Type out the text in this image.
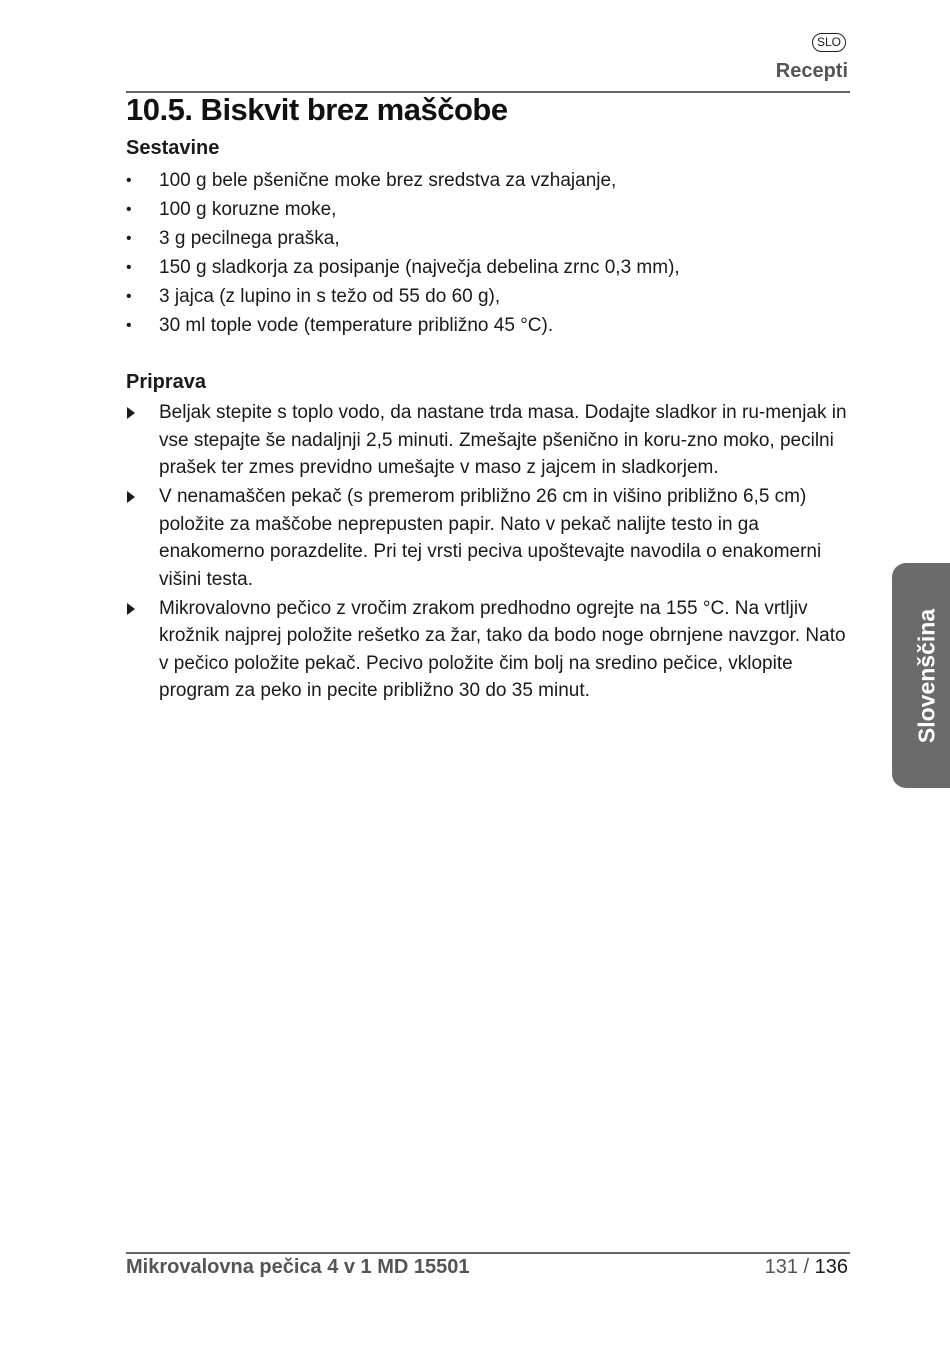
SLO
Recepti
10.5. Biskvit brez maščobe
Sestavine
• 100 g bele pšenične moke brez sredstva za vzhajanje,
• 100 g koruzne moke,
• 3 g pecilnega praška,
• 150 g sladkorja za posipanje (največja debelina zrnc 0,3 mm),
• 3 jajca (z lupino in s težo od 55 do 60 g),
• 30 ml tople vode (temperature približno 45 °C).
Priprava
Beljak stepite s toplo vodo, da nastane trda masa. Dodajte sladkor in ru-menjak in vse stepajte še nadaljnji 2,5 minuti. Zmešajte pšenično in koru-zno moko, pecilni prašek ter zmes previdno umešajte v maso z jajcem in sladkorjem.
V nenamaščen pekač (s premerom približno 26 cm in višino približno 6,5 cm) položite za maščobe neprepusten papir. Nato v pekač nalijte testo in ga enakomerno porazdelite. Pri tej vrsti peciva upoštevajte navodila o enakomerni višini testa.
Mikrovalovno pečico z vročim zrakom predhodno ogrejte na 155 °C. Na vrtljiv krožnik najprej položite rešetko za žar, tako da bodo noge obrnjene navzgor. Nato v pečico položite pekač. Pecivo položite čim bolj na sredino pečice, vklopite program za peko in pecite približno 30 do 35 minut.	Slovenščina
Mikrovalovna pečica 4 v 1 MD 15501	131 / 136
